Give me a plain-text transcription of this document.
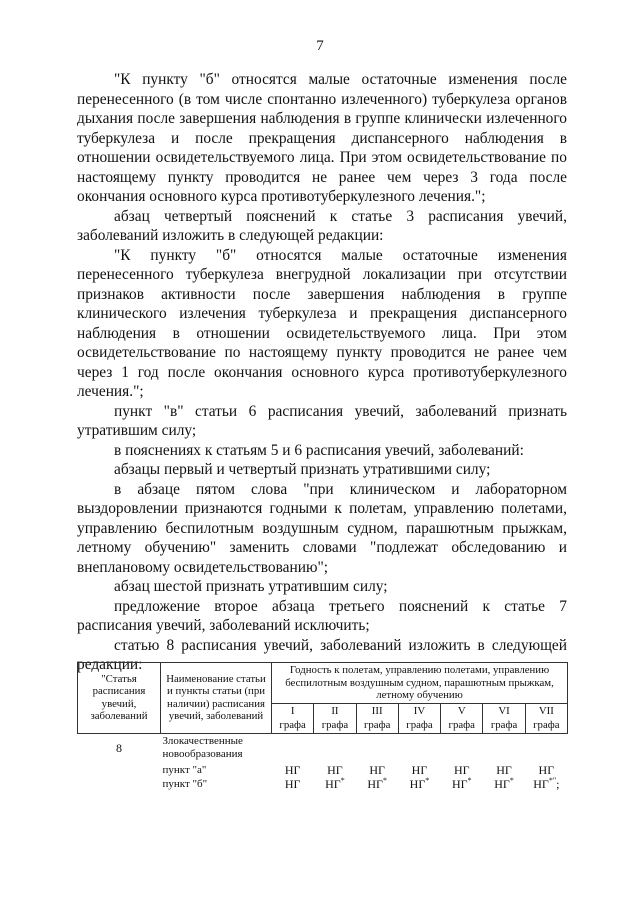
7

"К пункту "б" относятся малые остаточные изменения после перенесенного (в том числе спонтанно излеченного) туберкулеза органов дыхания после завершения наблюдения в группе клинически излеченного туберкулеза и после прекращения диспансерного наблюдения в отношении освидетельствуемого лица. При этом освидетельствование по настоящему пункту проводится не ранее чем через 3 года после окончания основного курса противотуберкулезного лечения.";

абзац четвертый пояснений к статье 3 расписания увечий, заболеваний изложить в следующей редакции:

"К пункту "б" относятся малые остаточные изменения перенесенного туберкулеза внегрудной локализации при отсутствии признаков активности после завершения наблюдения в группе клинического излечения туберкулеза и прекращения диспансерного наблюдения в отношении освидетельствуемого лица. При этом освидетельствование по настоящему пункту проводится не ранее чем через 1 год после окончания основного курса противотуберкулезного лечения.";

пункт "в" статьи 6 расписания увечий, заболеваний признать утратившим силу;

в пояснениях к статьям 5 и 6 расписания увечий, заболеваний:

абзацы первый и четвертый признать утратившими силу;

в абзаце пятом слова "при клиническом и лабораторном выздоровлении признаются годными к полетам, управлению полетами, управлению беспилотным воздушным судном, парашютным прыжкам, летному обучению" заменить словами "подлежат обследованию и внеплановому освидетельствованию";

абзац шестой признать утратившим силу;

предложение второе абзаца третьего пояснений к статье 7 расписания увечий, заболеваний исключить;

статью 8 расписания увечий, заболеваний изложить в следующей редакции:

"Статья расписания увечий, заболеваний	Наименование статьи и пункты статьи (при наличии) расписания увечий, заболеваний	Годность к полетам, управлению полетами, управлению беспилотным воздушным судном, парашютным прыжкам, летному обучению						
		I	II	III	IV	V	VI	VII
		графа	графа	графа	графа	графа	графа	графа
8	Злокачественные новообразования							
	пункт "а"	НГ	НГ	НГ	НГ	НГ	НГ	НГ
	пункт "б"	НГ	НГ*	НГ*	НГ*	НГ*	НГ*	НГ*";
